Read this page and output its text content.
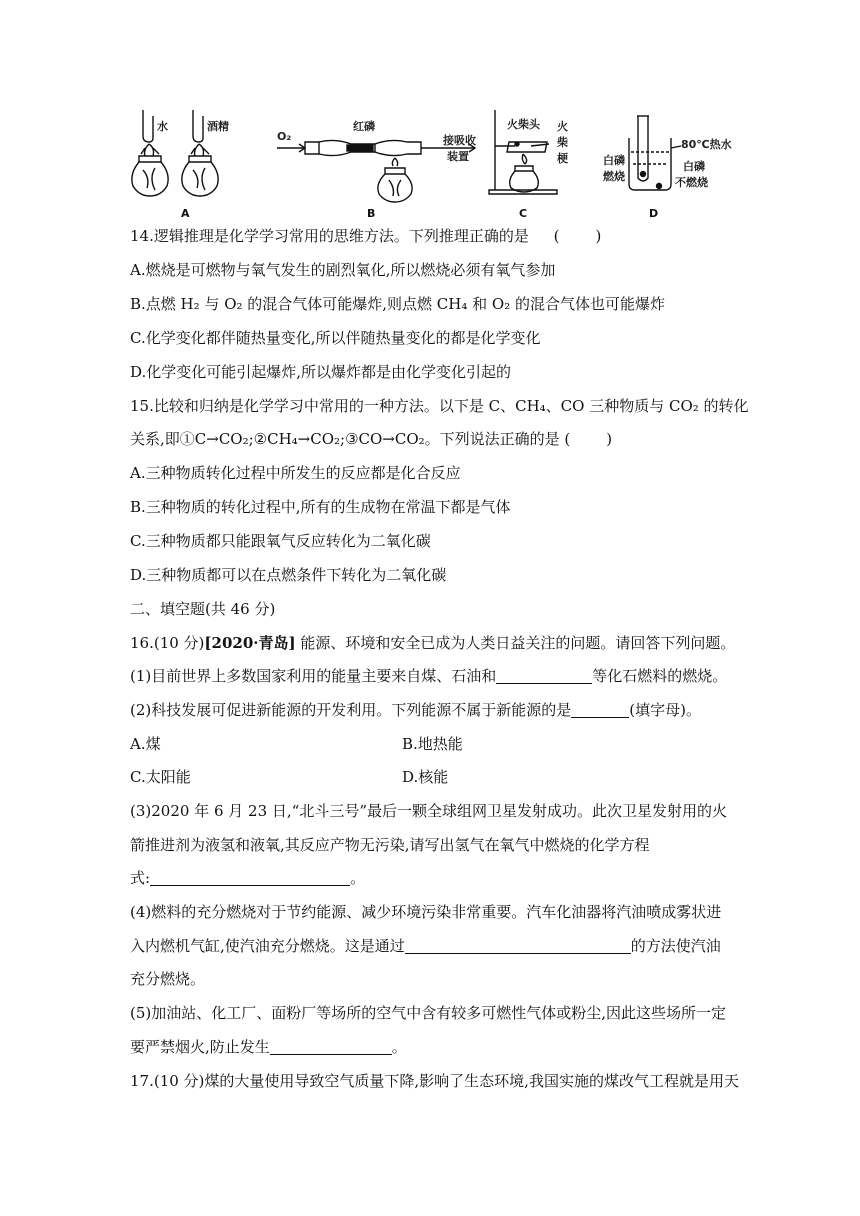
水	酒精
A
O₂
红磷
接吸收
装置
B
火柴头 火
柴
梗
C
80℃热水
白磷
燃烧
白磷
不燃烧
D
14.逻辑推理是化学学习常用的思维方法。下列推理正确的是 ( )
A.燃烧是可燃物与氧气发生的剧烈氧化,所以燃烧必须有氧气参加
B.点燃 H₂ 与 O₂ 的混合气体可能爆炸,则点燃 CH₄ 和 O₂ 的混合气体也可能爆炸
C.化学变化都伴随热量变化,所以伴随热量变化的都是化学变化
D.化学变化可能引起爆炸,所以爆炸都是由化学变化引起的
15.比较和归纳是化学学习中常用的一种方法。以下是 C、CH₄、CO 三种物质与 CO₂ 的转化
关系,即①C→CO₂;②CH₄→CO₂;③CO→CO₂。下列说法正确的是 ( )
A.三种物质转化过程中所发生的反应都是化合反应
B.三种物质的转化过程中,所有的生成物在常温下都是气体
C.三种物质都只能跟氧气反应转化为二氧化碳
D.三种物质都可以在点燃条件下转化为二氧化碳
二、填空题(共 46 分)
16.(10 分)[2020·青岛] 能源、环境和安全已成为人类日益关注的问题。请回答下列问题。
(1)目前世界上多数国家利用的能量主要来自煤、石油和	等化石燃料的燃烧。
(2)科技发展可促进新能源的开发利用。下列能源不属于新能源的是	(填字母)。
A.煤	B.地热能
C.太阳能	D.核能
(3)2020 年 6 月 23 日,“北斗三号”最后一颗全球组网卫星发射成功。此次卫星发射用的火
箭推进剂为液氢和液氧,其反应产物无污染,请写出氢气在氧气中燃烧的化学方程
式:	。
(4)燃料的充分燃烧对于节约能源、减少环境污染非常重要。汽车化油器将汽油喷成雾状进
入内燃机气缸,使汽油充分燃烧。这是通过	的方法使汽油
充分燃烧。
(5)加油站、化工厂、面粉厂等场所的空气中含有较多可燃性气体或粉尘,因此这些场所一定
要严禁烟火,防止发生	。
17.(10 分)煤的大量使用导致空气质量下降,影响了生态环境,我国实施的煤改气工程就是用天
